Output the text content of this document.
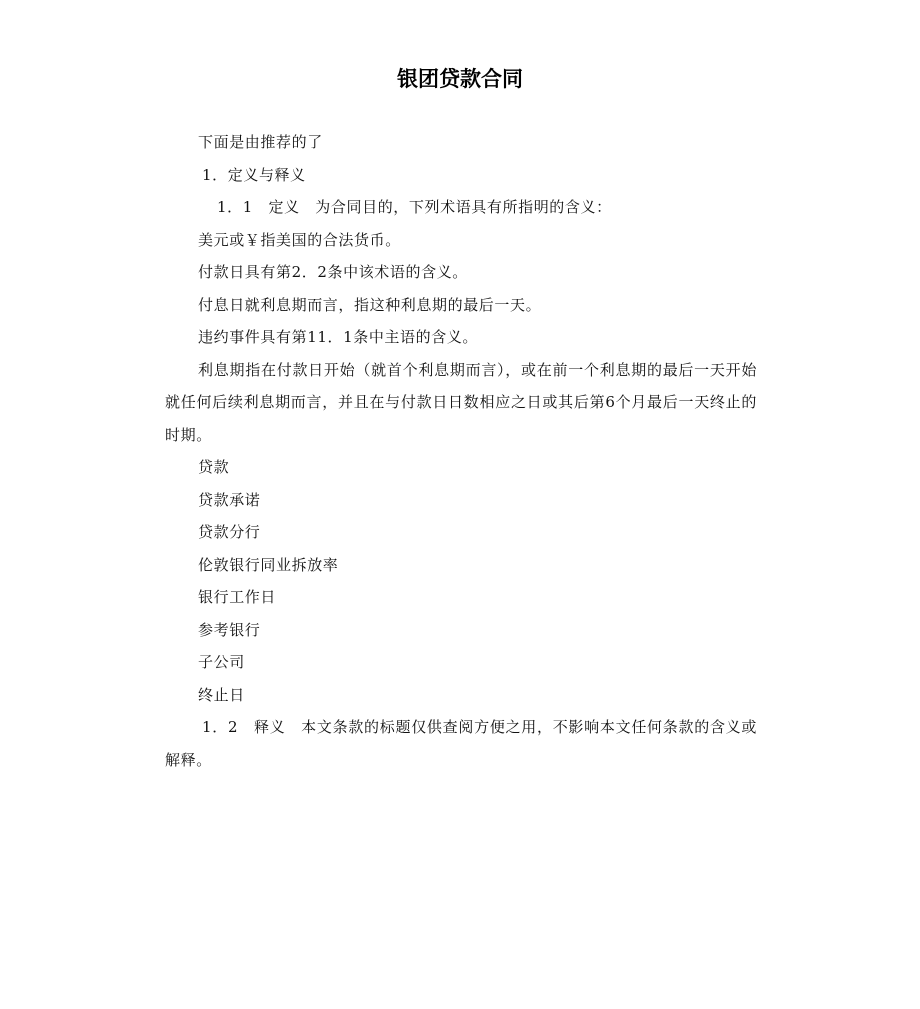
银团贷款合同

下面是由推荐的了

1．定义与释义

1．1　定义　为合同目的，下列术语具有所指明的含义：

美元或￥指美国的合法货币。

付款日具有第2．2条中该术语的含义。

付息日就利息期而言，指这种利息期的最后一天。

违约事件具有第11．1条中主语的含义。

利息期指在付款日开始（就首个利息期而言），或在前一个利息期的最后一天开始就任何后续利息期而言，并且在与付款日日数相应之日或其后第6个月最后一天终止的时期。

贷款

贷款承诺

贷款分行

伦敦银行同业拆放率

银行工作日

参考银行

子公司

终止日

1．2　释义　本文条款的标题仅供查阅方便之用，不影响本文任何条款的含义或解释。
